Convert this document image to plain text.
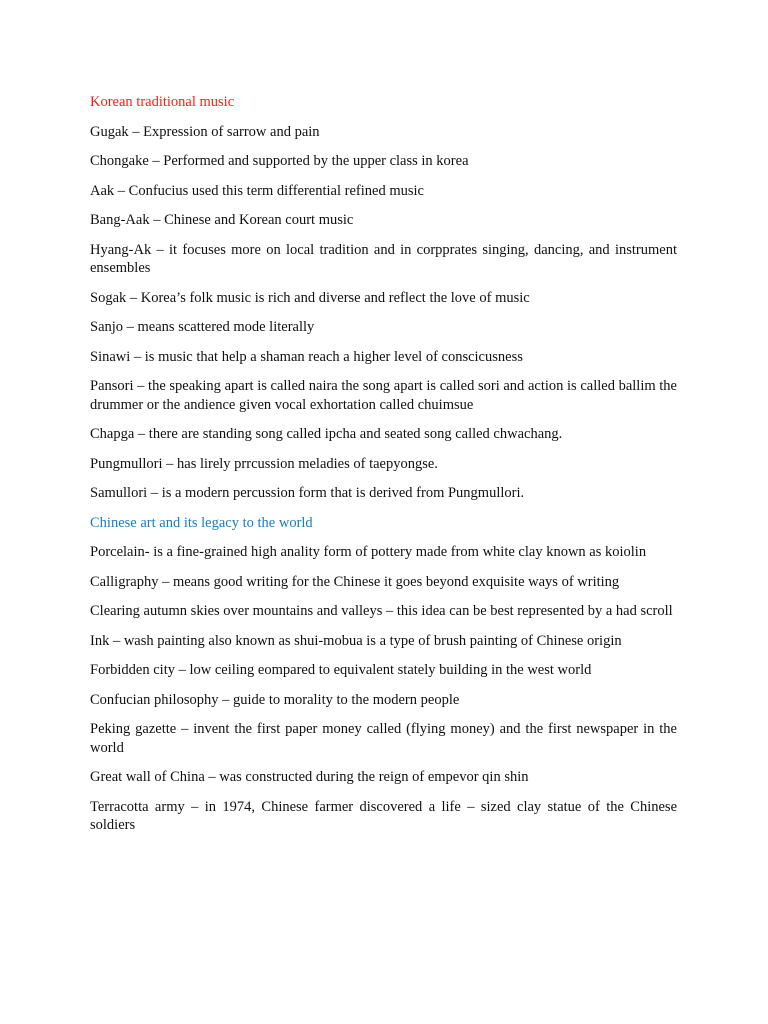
Korean traditional music

Gugak – Expression of sarrow and pain

Chongake – Performed and supported by the upper class in korea

Aak – Confucius used this term differential refined music

Bang-Aak – Chinese and Korean court music

Hyang-Ak – it focuses more on local tradition and in corpprates singing, dancing, and instrument ensembles

Sogak – Korea’s folk music is rich and diverse and reflect the love of music

Sanjo – means scattered mode literally

Sinawi – is music that help a shaman reach a higher level of conscicusness

Pansori – the speaking apart is called naira the song apart is called sori and action is called ballim the drummer or the andience given vocal exhortation called chuimsue

Chapga – there are standing song called ipcha and seated song called chwachang.

Pungmullori – has lirely prrcussion meladies of taepyongse.

Samullori – is a modern percussion form that is derived from Pungmullori.

Chinese art and its legacy to the world

Porcelain- is a fine-grained high anality form of pottery made from white clay known as koiolin

Calligraphy – means good writing for the Chinese it goes beyond exquisite ways of writing

Clearing autumn skies over mountains and valleys – this idea can be best represented by a had scroll

Ink – wash painting also known as shui-mobua is a type of brush painting of Chinese origin

Forbidden city – low ceiling eompared to equivalent stately building in the west world

Confucian philosophy – guide to morality to the modern people

Peking gazette – invent the first paper money called (flying money) and the first newspaper in the world

Great wall of China – was constructed during the reign of empevor qin shin

Terracotta army – in 1974, Chinese farmer discovered a life – sized clay statue of the Chinese soldiers
